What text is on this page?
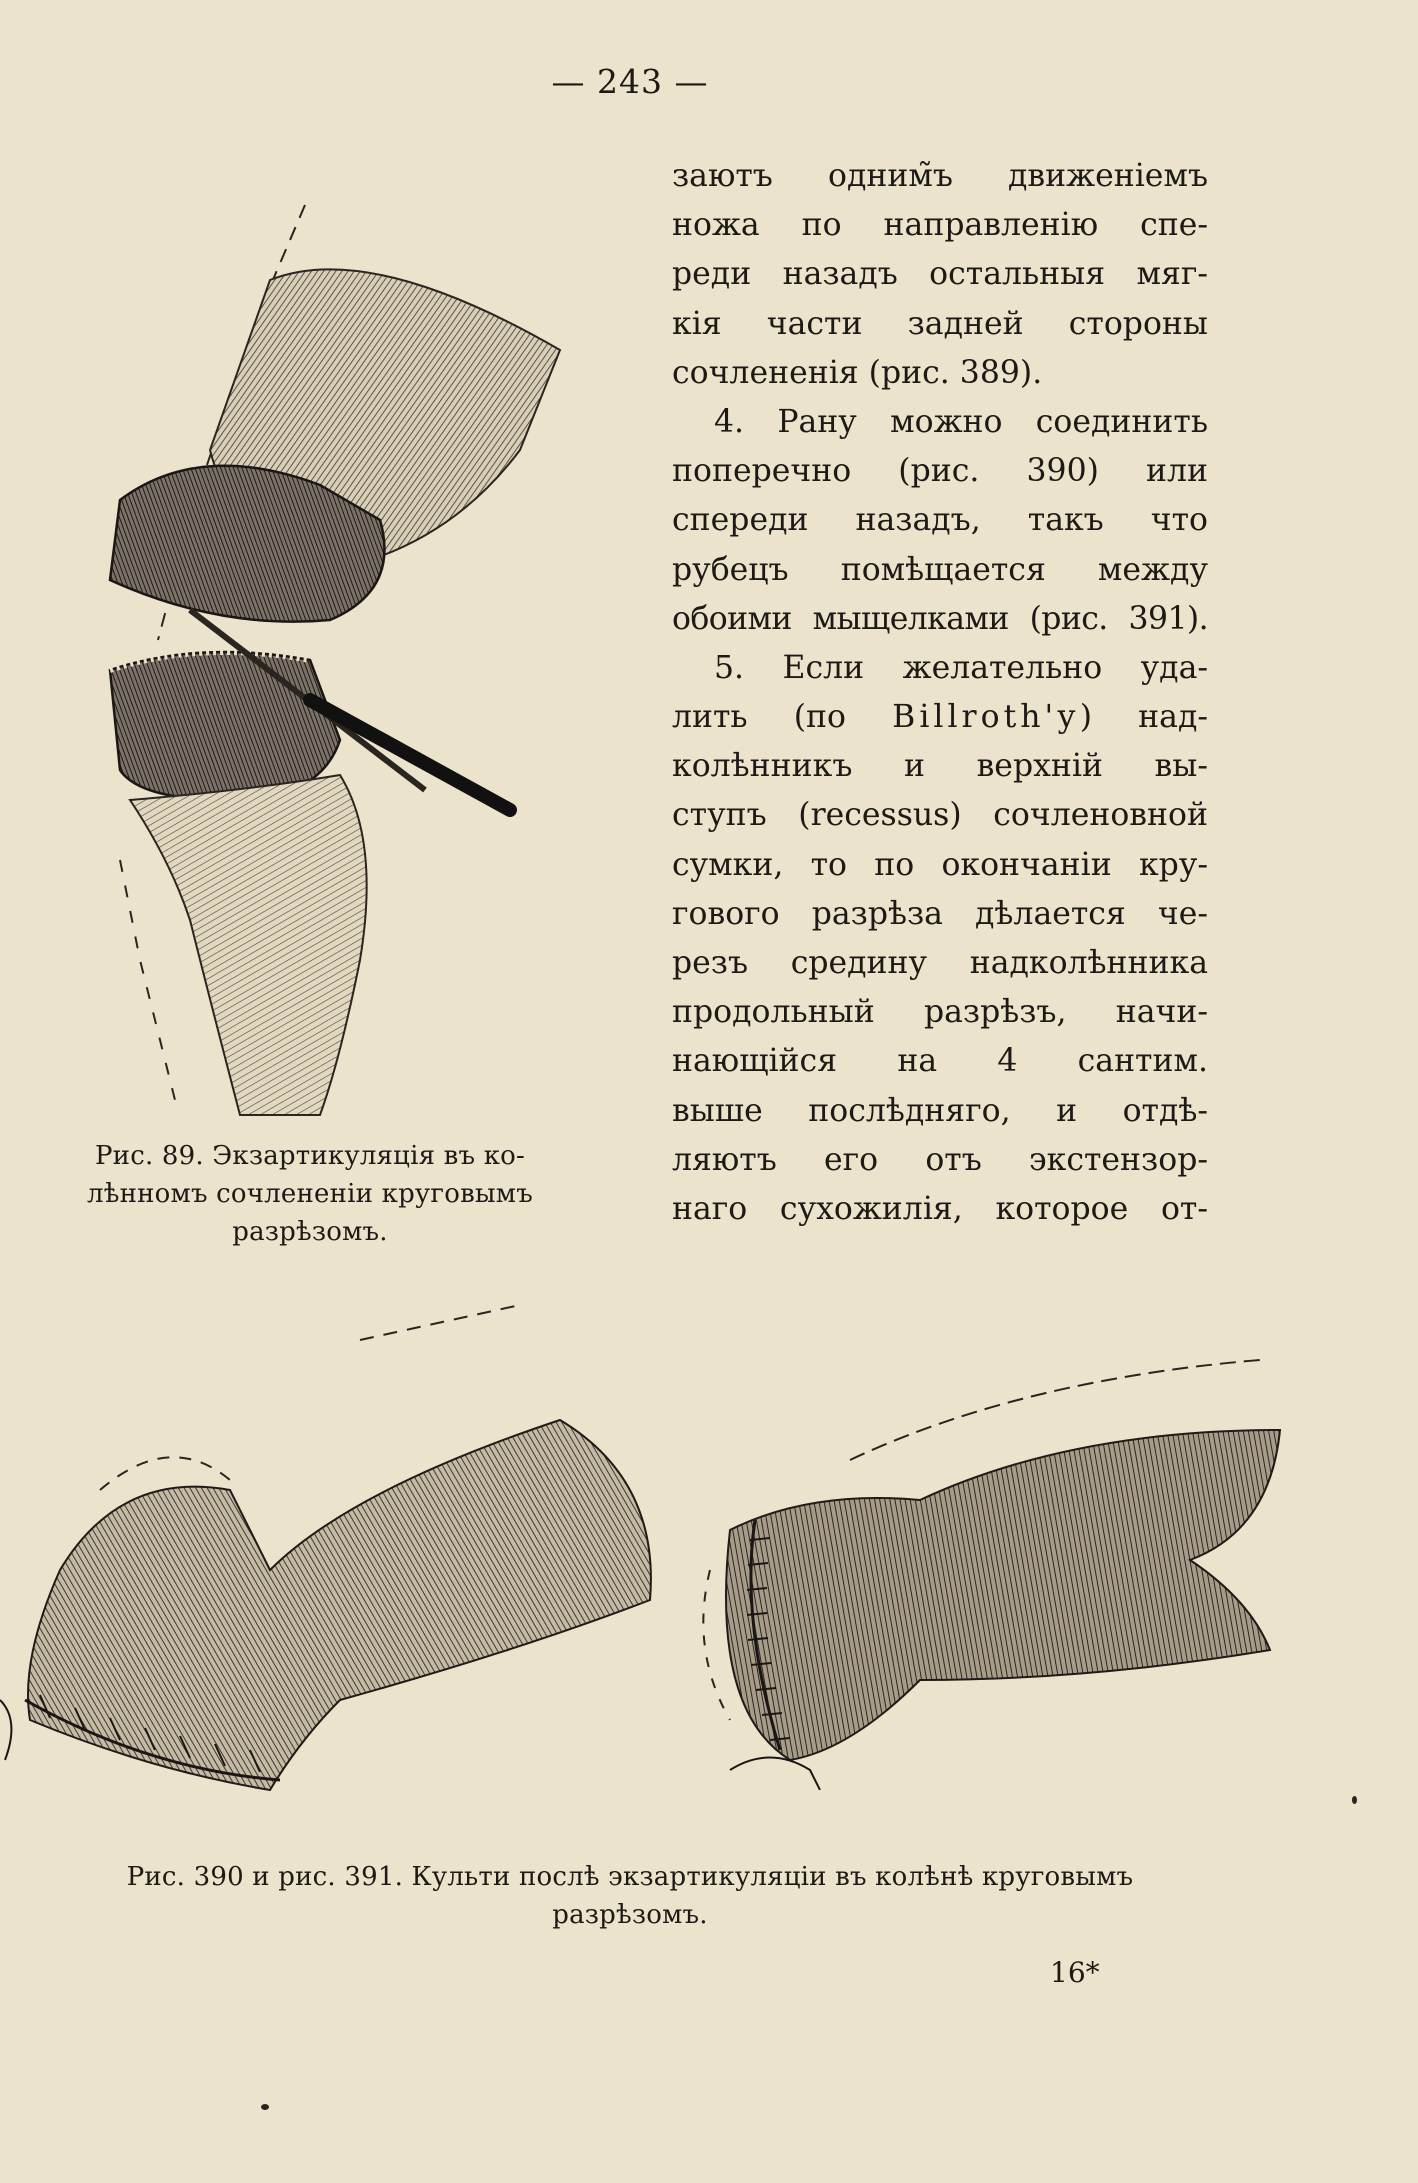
— 243 —
заютъ одним̃ъ движеніемъ
ножа по направленію спе-
реди назадъ остальныя мяг-
кія части задней стороны
сочлененія (рис. 389).
4. Рану можно соединить
поперечно (рис. 390) или
спереди назадъ, такъ что
рубецъ помѣщается между
обоими мыщелками (рис. 391).
5. Если желательно уда-
лить (по Billroth'у) над-
колѣнникъ и верхній вы-
ступъ (recessus) сочленовной
сумки, то по окончаніи кру-
гового разрѣза дѣлается че-
резъ средину надколѣнника
продольный разрѣзъ, начи-
нающійся на 4 сантим.
выше послѣдняго, и отдѣ-
ляютъ его отъ экстензор-
наго сухожилія, которое от-
Рис. 89. Экзартикуляція въ ко-
лѣнномъ сочлененіи круговымъ
разрѣзомъ.
Рис. 390 и рис. 391. Культи послѣ экзартикуляціи въ колѣнѣ круговымъ
разрѣзомъ.
16*
